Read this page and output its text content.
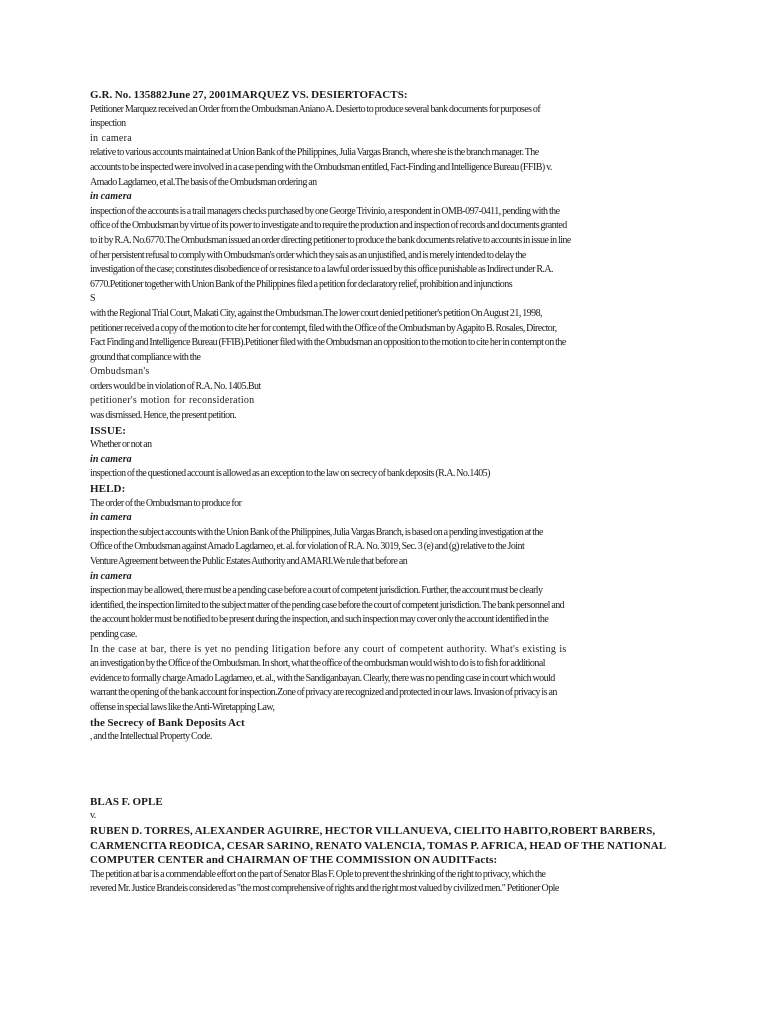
G.R. No. 135882June 27, 2001MARQUEZ VS. DESIERTOFACTS:
Petitioner Marquez received an Order from the Ombudsman Aniano A. Desierto to produce several bank documents for purposes of
inspection
in camera
relative to various accounts maintained at Union Bank of the Philippines, Julia Vargas Branch, where she is the branch manager. The
accounts to be inspected were involved in a case pending with the Ombudsman entitled, Fact-Finding and Intelligence Bureau (FFIB) v.
Amado Lagdameo, et al.The basis of the Ombudsman ordering an
in camera
inspection of the accounts is a trail managers checks purchased by one George Trivinio, a respondent in OMB-097-0411, pending with the
office of the Ombudsman by virtue of its power to investigate and to require the production and inspection of records and documents granted
to it by R.A. No.6770.The Ombudsman issued an order directing petitioner to produce the bank documents relative to accounts in issue in line
of her persistent refusal to comply with Ombudsman's order which they sais as an unjustified, and is merely intended to delay the
investigation of the case; constitutes disobedience of or resistance to a lawful order issued by this office punishable as Indirect under R.A.
6770.Petitioner together with Union Bank of the Philippines filed a petition for declaratory relief, prohibition and injunctions
S
with the Regional Trial Court, Makati City, against the Ombudsman.The lower court denied petitioner's petition On August 21, 1998,
petitioner received a copy of the motion to cite her for contempt, filed with the Office of the Ombudsman by Agapito B. Rosales, Director,
Fact Finding and Intelligence Bureau (FFIB).Petitioner filed with the Ombudsman an opposition to the motion to cite her in contempt on the
ground that compliance with the
Ombudsman's
orders would be in violation of R.A. No. 1405.But
petitioner's motion for reconsideration
was dismissed. Hence, the present petition.
ISSUE:
Whether or not an
in camera
inspection of the questioned account is allowed as an exception to the law on secrecy of bank deposits (R.A. No.1405)
HELD:
The order of the Ombudsman to produce for
in camera
inspection the subject accounts with the Union Bank of the Philippines, Julia Vargas Branch, is based on a pending investigation at the
Office of the Ombudsman against Amado Lagdameo, et. al. for violation of R.A. No. 3019, Sec. 3 (e) and (g) relative to the Joint
Venture Agreement between the Public Estates Authority and AMARI.We rule that before an
in camera
inspection may be allowed, there must be a pending case before a court of competent jurisdiction. Further, the account must be clearly
identified, the inspection limited to the subject matter of the pending case before the court of competent jurisdiction. The bank personnel and
the account holder must be notified to be present during the inspection, and such inspection may cover only the account identified in the
pending case.
In the case at bar, there is yet no pending litigation before any court of competent authority. What's existing is
an investigation by the Office of the Ombudsman. In short, what the office of the ombudsman would wish to do is to fish for additional
evidence to formally charge Amado Lagdameo, et. al., with the Sandiganbayan. Clearly, there was no pending case in court which would
warrant the opening of the bank account for inspection.Zone of privacy are recognized and protected in our laws. Invasion of privacy is an
offense in special laws like the Anti-Wiretapping Law,
the Secrecy of Bank Deposits Act
, and the Intellectual Property Code.
BLAS F. OPLE
v.
RUBEN D. TORRES, ALEXANDER AGUIRRE, HECTOR VILLANUEVA, CIELITO HABITO,ROBERT BARBERS,
CARMENCITA REODICA, CESAR SARINO, RENATO VALENCIA, TOMAS P. AFRICA, HEAD OF THE NATIONAL
COMPUTER CENTER and CHAIRMAN OF THE COMMISSION ON AUDITFacts:
The petition at bar is a commendable effort on the part of Senator Blas F. Ople to prevent the shrinking of the right to privacy, which the
revered Mr. Justice Brandeis considered as "the most comprehensive of rights and the right most valued by civilized men." Petitioner Ople
